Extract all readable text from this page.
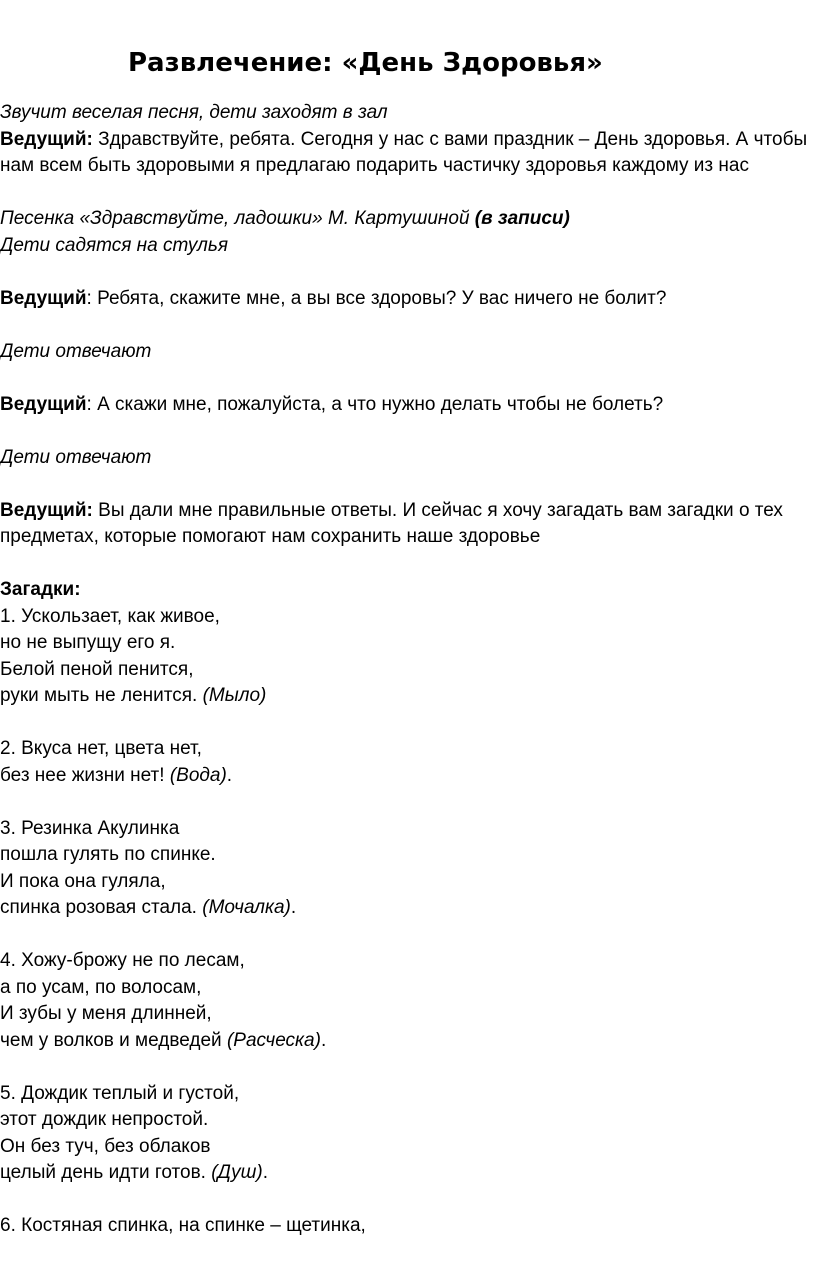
Развлечение: «День Здоровья»

Звучит веселая песня, дети заходят в зал

Ведущий: Здравствуйте, ребята. Сегодня у нас с вами праздник – День здоровья. А чтобы нам всем быть здоровыми я предлагаю подарить частичку здоровья каждому из нас

Песенка «Здравствуйте, ладошки» М. Картушиной (в записи)

Дети садятся на стулья

Ведущий: Ребята, скажите мне, а вы все здоровы? У вас ничего не болит?

Дети отвечают

Ведущий: А скажи мне, пожалуйста, а что нужно делать чтобы не болеть?

Дети отвечают

Ведущий: Вы дали мне правильные ответы. И сейчас я хочу загадать вам загадки о тех предметах, которые помогают нам сохранить наше здоровье

Загадки:

1. Ускользает, как живое,

но не выпущу его я.

Белой пеной пенится,

руки мыть не ленится. (Мыло)

2. Вкуса нет, цвета нет,

без нее жизни нет! (Вода).

3. Резинка Акулинка

пошла гулять по спинке.

И пока она гуляла,

спинка розовая стала. (Мочалка).

4. Хожу-брожу не по лесам,

а по усам, по волосам,

И зубы у меня длинней,

чем у волков и медведей (Расческа).

5. Дождик теплый и густой,

этот дождик непростой.

Он без туч, без облаков

целый день идти готов. (Душ).

6. Костяная спинка, на спинке – щетинка,
